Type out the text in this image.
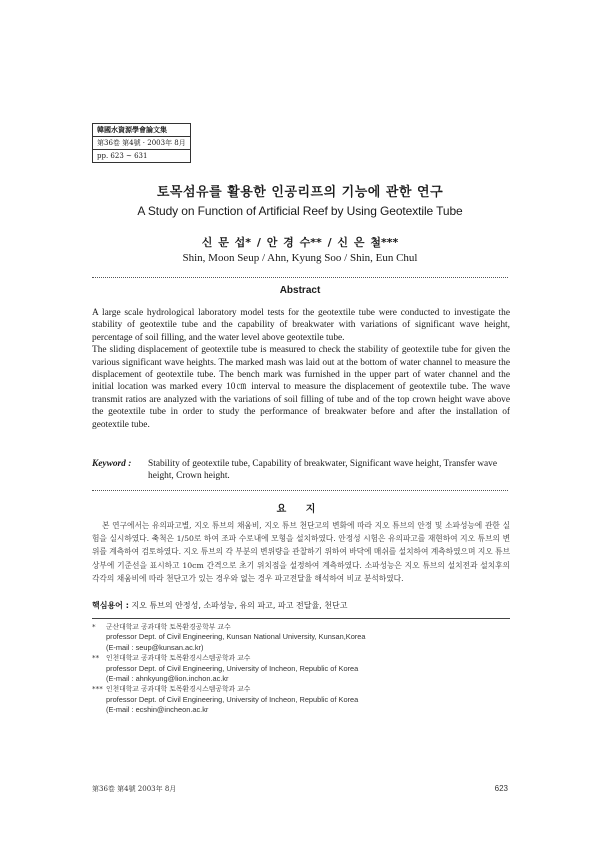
韓國水資源學會論文集
第36卷 第4號 · 2003年 8月
pp. 623 ~ 631
토목섬유를 활용한 인공리프의 기능에 관한 연구
A Study on Function of Artificial Reef by Using Geotextile Tube
신 문 섭* / 안 경 수** / 신 은 철***
Shin, Moon Seup / Ahn, Kyung Soo / Shin, Eun Chul
Abstract

A large scale hydrological laboratory model tests for the geotextile tube were conducted to investigate the stability of geotextile tube and the capability of breakwater with variations of significant wave height, percentage of soil filling, and the water level above geotextile tube.

The sliding displacement of geotextile tube is measured to check the stability of geotextile tube for given the various significant wave heights. The marked mash was laid out at the bottom of water channel to measure the displacement of geotextile tube. The bench mark was furnished in the upper part of water channel and the initial location was marked every 10㎝ interval to measure the displacement of geotextile tube. The wave transmit ratios are analyzed with the variations of soil filling of tube and of the top crown height wave above the geotextile tube in order to study the performance of breakwater before and after the installation of geotextile tube.

Keyword :	Stability of geotextile tube, Capability of breakwater, Significant wave height, Transfer wave height, Crown height.
요 지

본 연구에서는 유의파고별, 지오 튜브의 채움비, 지오 튜브 천단고의 변화에 따라 지오 튜브의 안정 및 소파성능에 관한 실험을 실시하였다. 축척은 1/50로 하여 조파 수로내에 모형을 설치하였다. 안정성 시험은 유의파고를 재현하여 지오 튜브의 변위를 계측하여 검토하였다. 지오 튜브의 각 부분의 변위량을 관찰하기 위하여 바닥에 매쉬를 설치하여 계측하였으며 지오 튜브 상부에 기준선을 표시하고 10cm 간격으로 초기 위치점을 설정하여 계측하였다. 소파성능은 지오 튜브의 설치전과 설치후의 각각의 채움비에 따라 천단고가 있는 경우와 없는 경우 파고전달율 해석하여 비교 분석하였다.

핵심용어 : 지오 튜브의 안정성, 소파성능, 유의 파고, 파고 전달율, 천단고
* 군산대학교 공과대학 토목환경공학부 교수
professor Dept. of Civil Engineering, Kunsan National University, Kunsan,Korea
(E-mail : seup@kunsan.ac.kr)
** 인천대학교 공과대학 토목환경시스템공학과 교수
professor Dept. of Civil Engineering, University of Incheon, Republic of Korea
(E-mail : ahnkyung@lion.inchon.ac.kr
*** 인천대학교 공과대학 토목환경시스템공학과 교수
professor Dept. of Civil Engineering, University of Incheon, Republic of Korea
(E-mail : ecshin@incheon.ac.kr
第36卷 第4號 2003年 8月	623
